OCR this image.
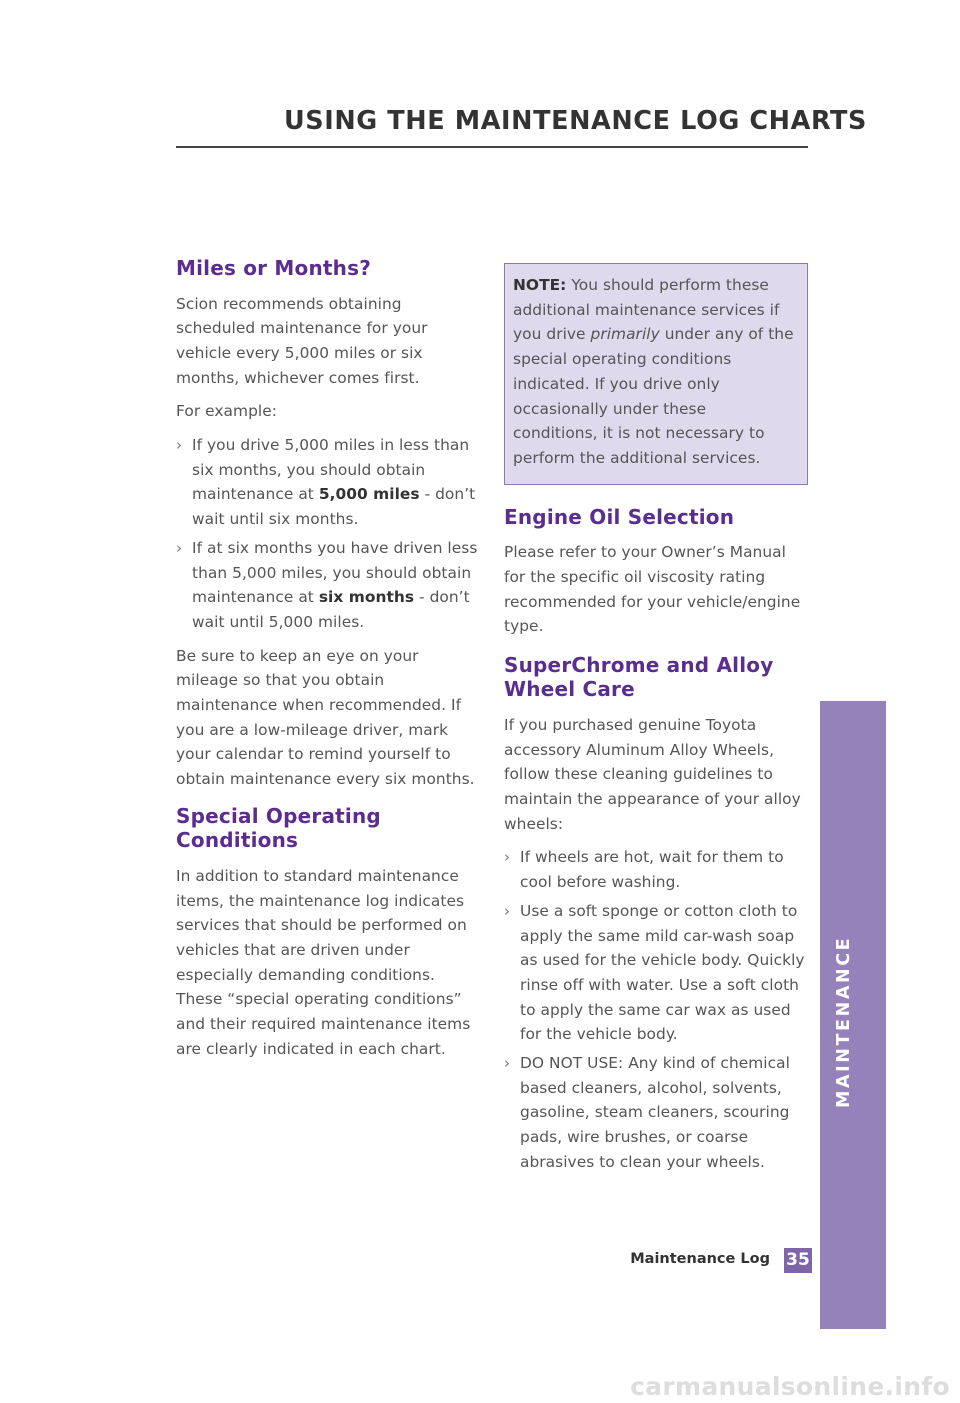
USING THE MAINTENANCE LOG CHARTS
Miles or Months?

Scion recommends obtaining scheduled maintenance for your vehicle every 5,000 miles or six months, whichever comes first.

For example:

› If you drive 5,000 miles in less than six months, you should obtain maintenance at 5,000 miles - don’t wait until six months.
› If at six months you have driven less than 5,000 miles, you should obtain maintenance at six months - don’t wait until 5,000 miles.

Be sure to keep an eye on your mileage so that you obtain maintenance when recommended. If you are a low-mileage driver, mark your calendar to remind yourself to obtain maintenance every six months.

Special Operating Conditions

In addition to standard maintenance items, the maintenance log indicates services that should be performed on vehicles that are driven under especially demanding conditions. These “special operating conditions” and their required maintenance items are clearly indicated in each chart.

NOTE: You should perform these additional maintenance services if you drive primarily under any of the special operating conditions indicated. If you drive only occasionally under these conditions, it is not necessary to perform the additional services.

Engine Oil Selection

Please refer to your Owner’s Manual for the specific oil viscosity rating recommended for your vehicle/engine type.

SuperChrome and Alloy Wheel Care

If you purchased genuine Toyota accessory Aluminum Alloy Wheels, follow these cleaning guidelines to maintain the appearance of your alloy wheels:

› If wheels are hot, wait for them to cool before washing.
› Use a soft sponge or cotton cloth to apply the same mild car-wash soap as used for the vehicle body. Quickly rinse off with water. Use a soft cloth to apply the same car wax as used for the vehicle body.
› DO NOT USE: Any kind of chemical based cleaners, alcohol, solvents, gasoline, steam cleaners, scouring pads, wire brushes, or coarse abrasives to clean your wheels.
MAINTENANCE
Maintenance Log 35
carmanualsonline.info
